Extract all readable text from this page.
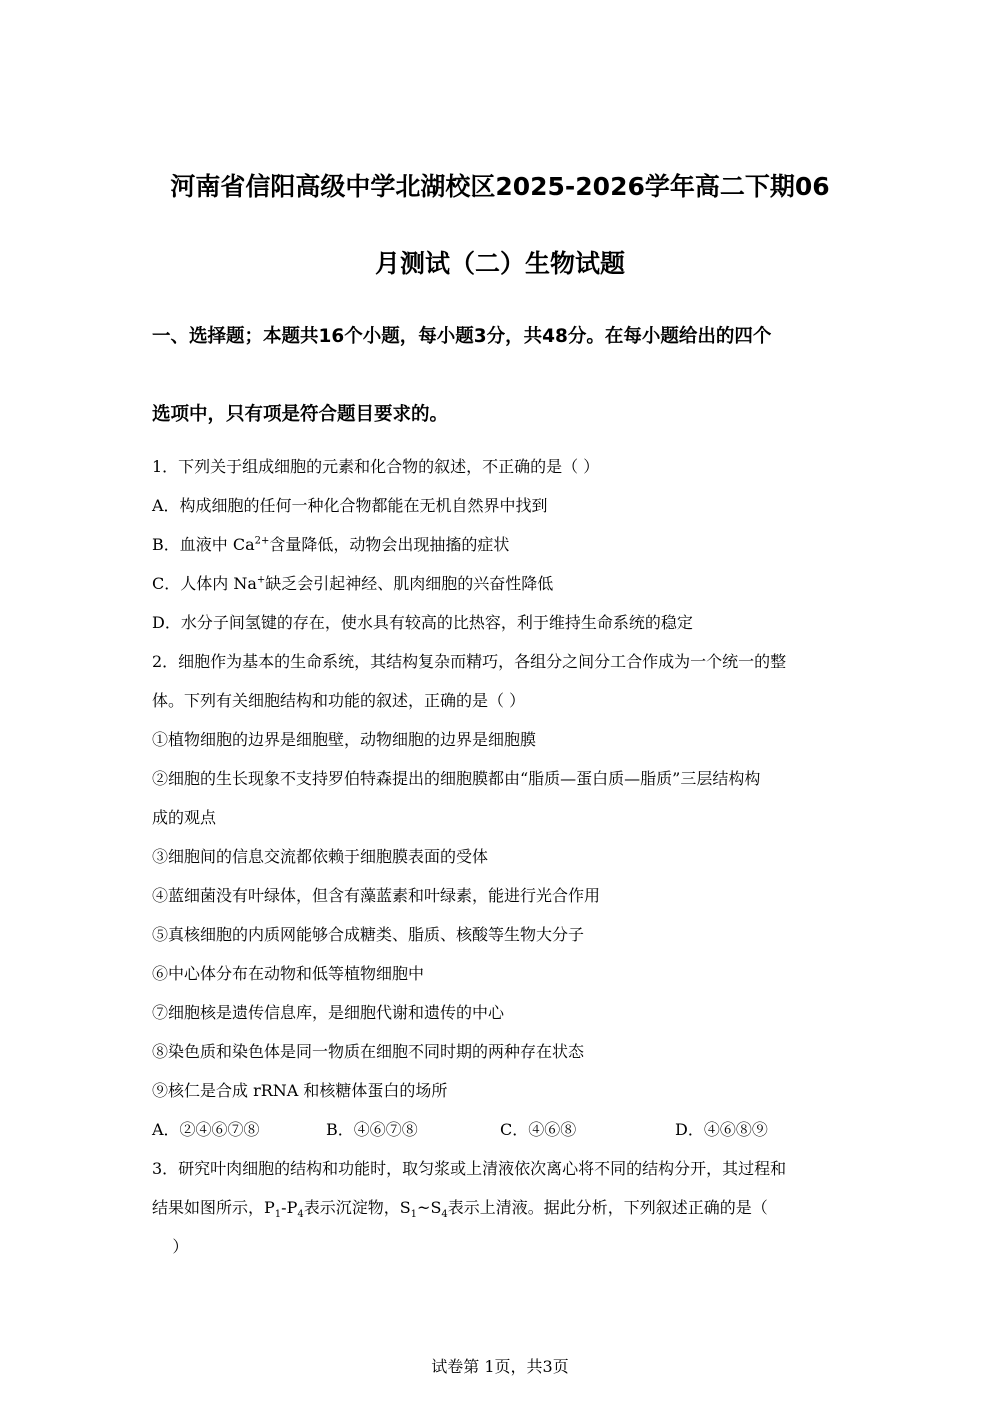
河南省信阳高级中学北湖校区2025-2026学年高二下期06
月测试（二）生物试题
一、选择题；本题共16个小题，每小题3分，共48分。在每小题给出的四个
选项中，只有项是符合题目要求的。
1．下列关于组成细胞的元素和化合物的叙述，不正确的是（ ）
A．构成细胞的任何一种化合物都能在无机自然界中找到
B．血液中 $Ca^{2+}$含量降低，动物会出现抽搐的症状
C．人体内 Na+缺乏会引起神经、肌肉细胞的兴奋性降低
D．水分子间氢键的存在，使水具有较高的比热容，利于维持生命系统的稳定
2．细胞作为基本的生命系统，其结构复杂而精巧，各组分之间分工合作成为一个统一的整
体。下列有关细胞结构和功能的叙述，正确的是（ ）
①植物细胞的边界是细胞壁，动物细胞的边界是细胞膜
②细胞的生长现象不支持罗伯特森提出的细胞膜都由“脂质—蛋白质—脂质”三层结构构
成的观点
③细胞间的信息交流都依赖于细胞膜表面的受体
④蓝细菌没有叶绿体，但含有藻蓝素和叶绿素，能进行光合作用
⑤真核细胞的内质网能够合成糖类、脂质、核酸等生物大分子
⑥中心体分布在动物和低等植物细胞中
⑦细胞核是遗传信息库，是细胞代谢和遗传的中心
⑧染色质和染色体是同一物质在细胞不同时期的两种存在状态
⑨核仁是合成 rRNA 和核糖体蛋白的场所
A．②④⑥⑦⑧	B．④⑥⑦⑧	C．④⑥⑧	D．④⑥⑧⑨
3．研究叶肉细胞的结构和功能时，取匀浆或上清液依次离心将不同的结构分开，其过程和
结果如图所示，$P_1-P_4$表示沉淀物，$S_1\sim S_4$表示上清液。据此分析，下列叙述正确的是（
）
试卷第 1页，共3页
